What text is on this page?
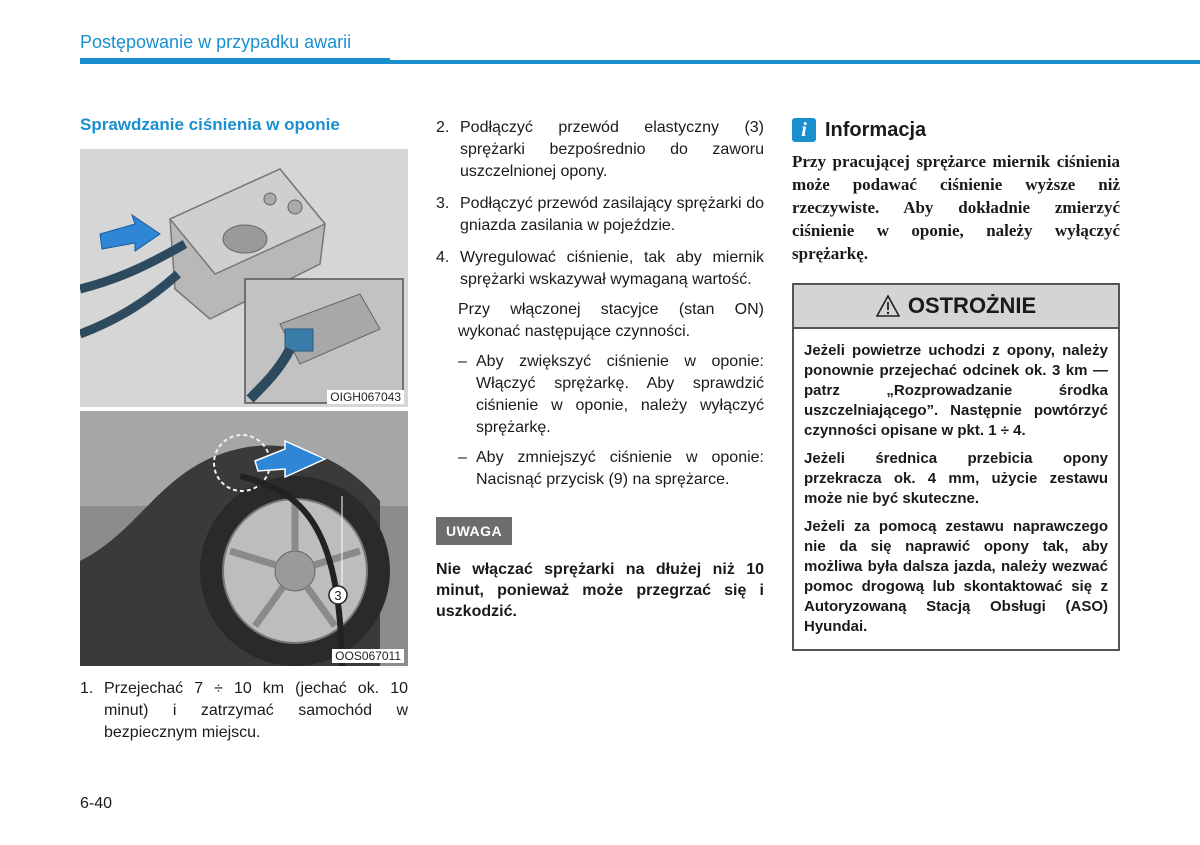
Postępowanie w przypadku awarii
Sprawdzanie ciśnienia w oponie
OIGH067043
3
OOS067011
1. Przejechać 7 ÷ 10 km (jechać ok. 10 minut) i zatrzymać samochód w bezpiecznym miejscu.
2. Podłączyć przewód elastyczny (3) sprężarki bezpośrednio do zaworu uszczelnionej opony.
3. Podłączyć przewód zasilający sprężarki do gniazda zasilania w pojeździe.
4. Wyregulować ciśnienie, tak aby miernik sprężarki wskazywał wymaganą wartość.
Przy włączonej stacyjce (stan ON) wykonać następujące czynności.
– Aby zwiększyć ciśnienie w oponie: Włączyć sprężarkę. Aby sprawdzić ciśnienie w oponie, należy wyłączyć sprężarkę.
– Aby zmniejszyć ciśnienie w oponie: Nacisnąć przycisk (9) na sprężarce.
UWAGA
Nie włączać sprężarki na dłużej niż 10 minut, ponieważ może przegrzać się i uszkodzić.
i Informacja
Przy pracującej sprężarce miernik ciśnienia może podawać ciśnienie wyższe niż rzeczywiste. Aby dokładnie zmierzyć ciśnienie w oponie, należy wyłączyć sprężarkę.
OSTROŻNIE

Jeżeli powietrze uchodzi z opony, należy ponownie przejechać odcinek ok. 3 km — patrz „Rozprowadzanie środka uszczelniającego”. Następnie powtórzyć czynności opisane w pkt. 1 ÷ 4.

Jeżeli średnica przebicia opony przekracza ok. 4 mm, użycie zestawu może nie być skuteczne.

Jeżeli za pomocą zestawu naprawczego nie da się naprawić opony tak, aby możliwa była dalsza jazda, należy wezwać pomoc drogową lub skontaktować się z Autoryzowaną Stacją Obsługi (ASO) Hyundai.

6-40
